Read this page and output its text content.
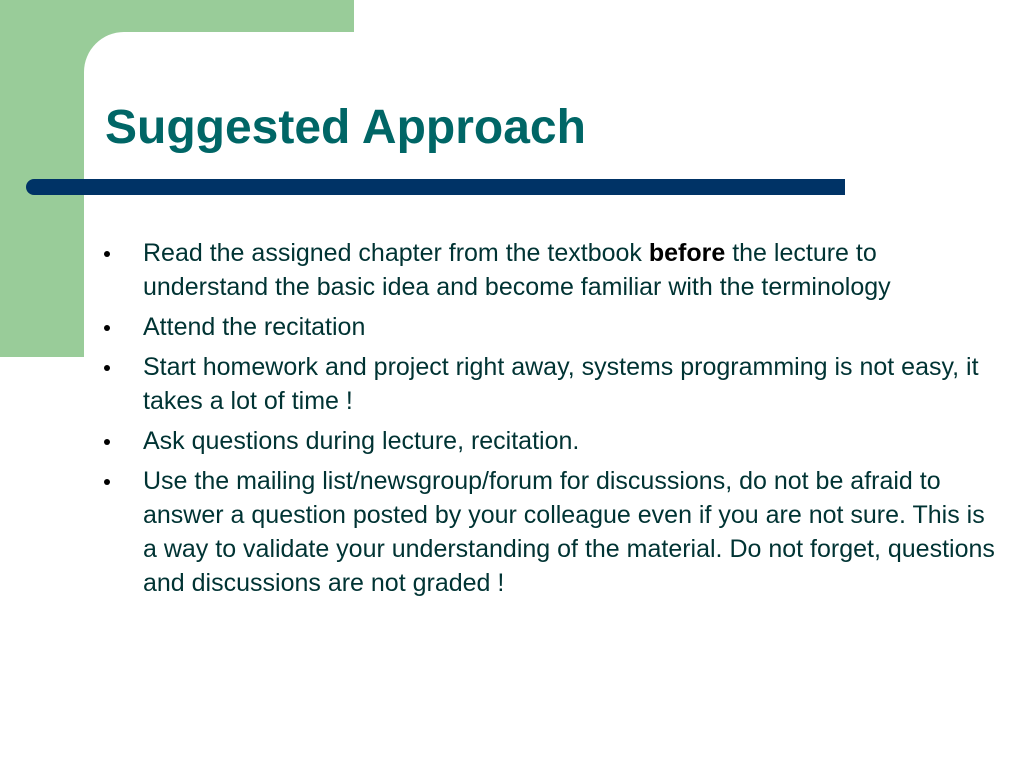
Suggested Approach
Read the assigned chapter from the textbook before the lecture to understand the basic idea and become familiar with the terminology
Attend the recitation
Start homework and project right away, systems programming is not easy, it takes a lot of time !
Ask questions during lecture, recitation.
Use the mailing list/newsgroup/forum for discussions, do not be afraid to answer a question posted by your colleague even if you are not sure. This is a way to validate your understanding of the material. Do not forget, questions and discussions are not graded !
